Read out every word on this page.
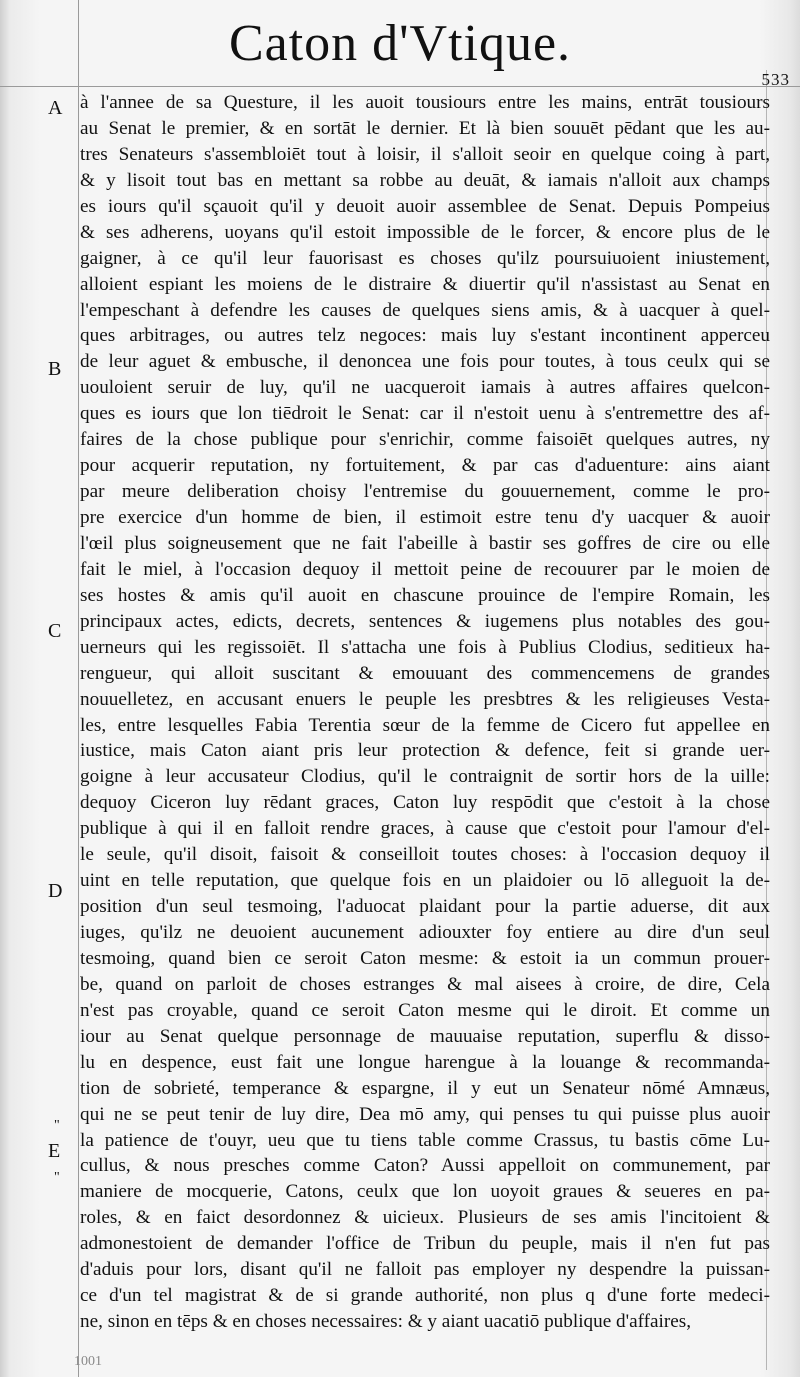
Caton d'Vtique.
533
A
B
C
D
E
"
"
à l'annee de sa Questure, il les auoit tousiours entre les mains, entrāt tousiours
au Senat le premier, & en sortāt le dernier. Et là bien souuēt pēdant que les au-
tres Senateurs s'assembloiēt tout à loisir, il s'alloit seoir en quelque coing à part,
& y lisoit tout bas en mettant sa robbe au deuāt, & iamais n'alloit aux champs
es iours qu'il sçauoit qu'il y deuoit auoir assemblee de Senat. Depuis Pompeius
& ses adherens, uoyans qu'il estoit impossible de le forcer, & encore plus de le
gaigner, à ce qu'il leur fauorisast es choses qu'ilz poursuiuoient iniustement,
alloient espiant les moiens de le distraire & diuertir qu'il n'assistast au Senat en
l'empeschant à defendre les causes de quelques siens amis, & à uacquer à quel-
ques arbitrages, ou autres telz negoces: mais luy s'estant incontinent apperceu
de leur aguet & embusche, il denoncea une fois pour toutes, à tous ceulx qui se
uouloient seruir de luy, qu'il ne uacqueroit iamais à autres affaires quelcon-
ques es iours que lon tiēdroit le Senat: car il n'estoit uenu à s'entremettre des af-
faires de la chose publique pour s'enrichir, comme faisoiēt quelques autres, ny
pour acquerir reputation, ny fortuitement, & par cas d'aduenture: ains aiant
par meure deliberation choisy l'entremise du gouuernement, comme le pro-
pre exercice d'un homme de bien, il estimoit estre tenu d'y uacquer & auoir
l'œil plus soigneusement que ne fait l'abeille à bastir ses goffres de cire ou elle
fait le miel, à l'occasion dequoy il mettoit peine de recouurer par le moien de
ses hostes & amis qu'il auoit en chascune prouince de l'empire Romain, les
principaux actes, edicts, decrets, sentences & iugemens plus notables des gou-
uerneurs qui les regissoiēt. Il s'attacha une fois à Publius Clodius, seditieux ha-
rengueur, qui alloit suscitant & emouuant des commencemens de grandes
nouuelletez, en accusant enuers le peuple les presbtres & les religieuses Vesta-
les, entre lesquelles Fabia Terentia sœur de la femme de Cicero fut appellee en
iustice, mais Caton aiant pris leur protection & defence, feit si grande uer-
goigne à leur accusateur Clodius, qu'il le contraignit de sortir hors de la uille:
dequoy Ciceron luy rēdant graces, Caton luy respōdit que c'estoit à la chose
publique à qui il en falloit rendre graces, à cause que c'estoit pour l'amour d'el-
le seule, qu'il disoit, faisoit & conseilloit toutes choses: à l'occasion dequoy il
uint en telle reputation, que quelque fois en un plaidoier ou lō alleguoit la de-
position d'un seul tesmoing, l'aduocat plaidant pour la partie aduerse, dit aux
iuges, qu'ilz ne deuoient aucunement adiouxter foy entiere au dire d'un seul
tesmoing, quand bien ce seroit Caton mesme: & estoit ia un commun prouer-
be, quand on parloit de choses estranges & mal aisees à croire, de dire, Cela
n'est pas croyable, quand ce seroit Caton mesme qui le diroit. Et comme un
iour au Senat quelque personnage de mauuaise reputation, superflu & disso-
lu en despence, eust fait une longue harengue à la louange & recommanda-
tion de sobrieté, temperance & espargne, il y eut un Senateur nōmé Amnæus,
qui ne se peut tenir de luy dire, Dea mō amy, qui penses tu qui puisse plus auoir
la patience de t'ouyr, ueu que tu tiens table comme Crassus, tu bastis cōme Lu-
cullus, & nous presches comme Caton? Aussi appelloit on communement, par
maniere de mocquerie, Catons, ceulx que lon uoyoit graues & seueres en pa-
roles, & en faict desordonnez & uicieux. Plusieurs de ses amis l'incitoient &
admonestoient de demander l'office de Tribun du peuple, mais il n'en fut pas
d'aduis pour lors, disant qu'il ne falloit pas employer ny despendre la puissan-
ce d'un tel magistrat & de si grande authorité, non plus q d'une forte medeci-
ne, sinon en tēps & en choses necessaires: & y aiant uacatiō publique d'affaires,
1001
